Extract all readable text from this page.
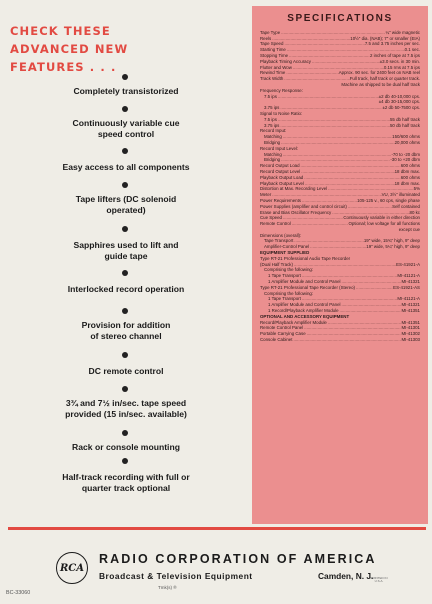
CHECK THESE
ADVANCED NEW
FEATURES . . .
Completely transistorized
Continuously variable cue
speed control
Easy access to all components
Tape lifters (DC solenoid
operated)
Sapphires used to lift and
guide tape
Interlocked record operation
Provision for addition
of stereo channel
DC remote control
3¾ and 7½ in/sec. tape speed
provided (15 in/sec. available)
Rack or console mounting
Half-track recording with full or
quarter track optional
SPECIFICATIONS
Tape Type .....	¼" wide magnetic
Reels .....	10½" dia. (NAB); 7" or smaller (EIA)
Tape Speed .....	7.5 and 3.75 inches per sec.
Starting Time .....	0.1 sec.
Stopping Time .....	2 inches of tape at 7.5 ips
Playback Timing Accuracy .....	±3.0 secs. in 30 min.
Flutter and Wow .....	0.15 rms at 7.5 ips
Rewind Time .....	Approx. 90 sec. for 2400 feet on NAB reel
Track Width .....	Full track, half track or quarter track.
Machine as shipped to be dual half track
Frequency Response:
7.5 ips .....	±2 db 40-10,000 cps.
±4 db 30-15,000 cps.
3.75 ips .....	±2 db 50-7500 cps.
Signal to Noise Ratio:
7.5 ips .....	55 db half track
3.75 ips .....	50 db half track
Record Input:
Matching .....	150/600 ohms
Bridging .....	20,000 ohms
Record Input Level:
Matching .....	-70 to -20 dbm
Bridging .....	-30 to +20 dbm
Record Output Load .....	600 ohms
Record Output Level .....	18 dbm max.
Playback Output Load .....	600 ohms
Playback Output Level .....	18 dbm max.
Distortion at Max. Recording Level .....	5%
Meter .....	VU, 3½" illuminated
Power Requirements .....	105-125 v., 60 cps, single phase
Power Supplies (amplifier and control circuit) .....	Self contained
Erase and Bias Oscillator Frequency .....	80 kc
Cue Speed .....	Continuously variable in either direction
Remote Control .....	Optional; low voltage for all functions
except cue
Dimensions (overall):
Tape Transport .....	19" wide, 15¾" high, 9" deep
Amplifier-Control Panel .....	19" wide, 5¼" high, 9" deep
EQUIPMENT SUPPLIED
Type RT-21 Professional Audio Tape Recorder
(Dual Half Track) .....	ES-41921-A
Comprising the following:
1 Tape Transport .....	MI-41121-A
1 Amplifier Module and Control Panel .....	MI-41321
Type RT-21 Professional Tape Recorder (Stereo) .....	ES-41921-AS
Comprising the following:
1 Tape Transport .....	MI-41121-A
1 Amplifier Module and Control Panel .....	MI-41321
1 Record/Playback Amplifier Module .....	MI-41351
OPTIONAL AND ACCESSORY EQUIPMENT
Record/Playback Amplifier Module .....	MI-41351
Remote Control Panel .....	MI-41301
Portable Carrying Case .....	MI-41302
Console Cabinet .....	MI-41303
RCA
RADIO CORPORATION OF AMERICA
Broadcast & Television Equipment	Camden, N. J.
Tmk(s) ®
PRINTED IN U.S.A.
BC-33060
